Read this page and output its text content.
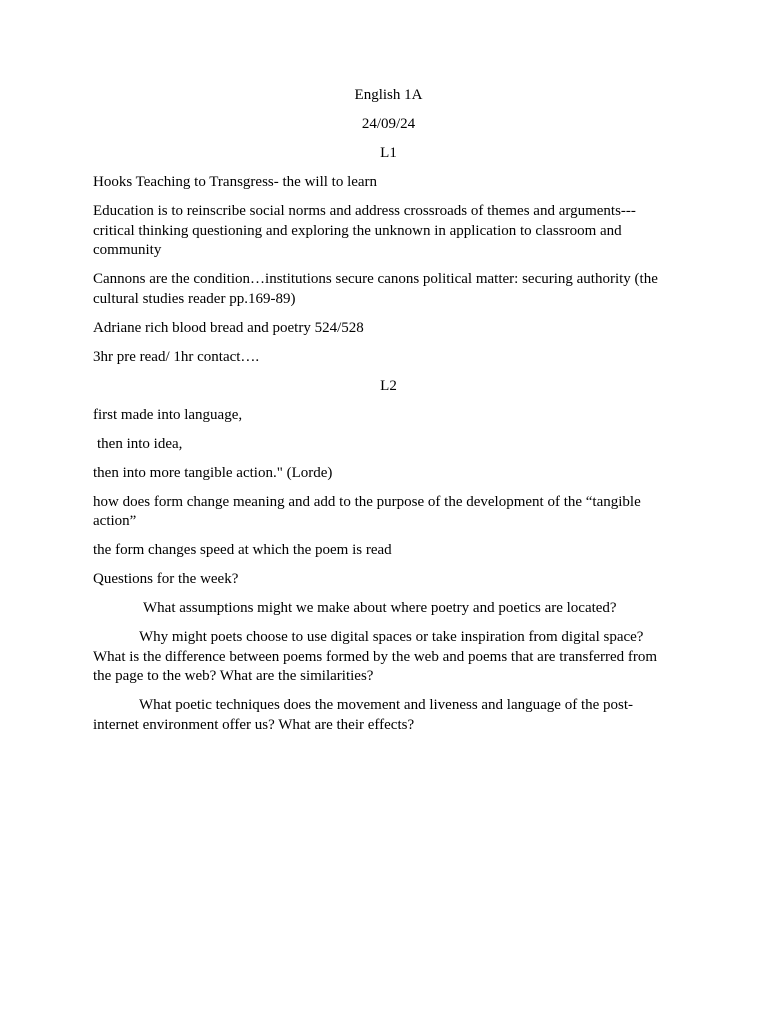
English 1A

24/09/24

L1

Hooks Teaching to Transgress- the will to learn

Education is to reinscribe social norms and address crossroads of themes and arguments---critical thinking questioning and exploring the unknown in application to classroom and community

Cannons are the condition…institutions secure canons political matter: securing authority (the cultural studies reader pp.169-89)

Adriane rich blood bread and poetry 524/528

3hr pre read/ 1hr contact….

L2

first made into language,

then into idea,

then into more tangible action." (Lorde)

how does form change meaning and add to the purpose of the development of the “tangible action”

the form changes speed at which the poem is read

Questions for the week?

What assumptions might we make about where poetry and poetics are located?

Why might poets choose to use digital spaces or take inspiration from digital space? What is the difference between poems formed by the web and poems that are transferred from the page to the web? What are the similarities?

What poetic techniques does the movement and liveness and language of the post-internet environment offer us? What are their effects?
